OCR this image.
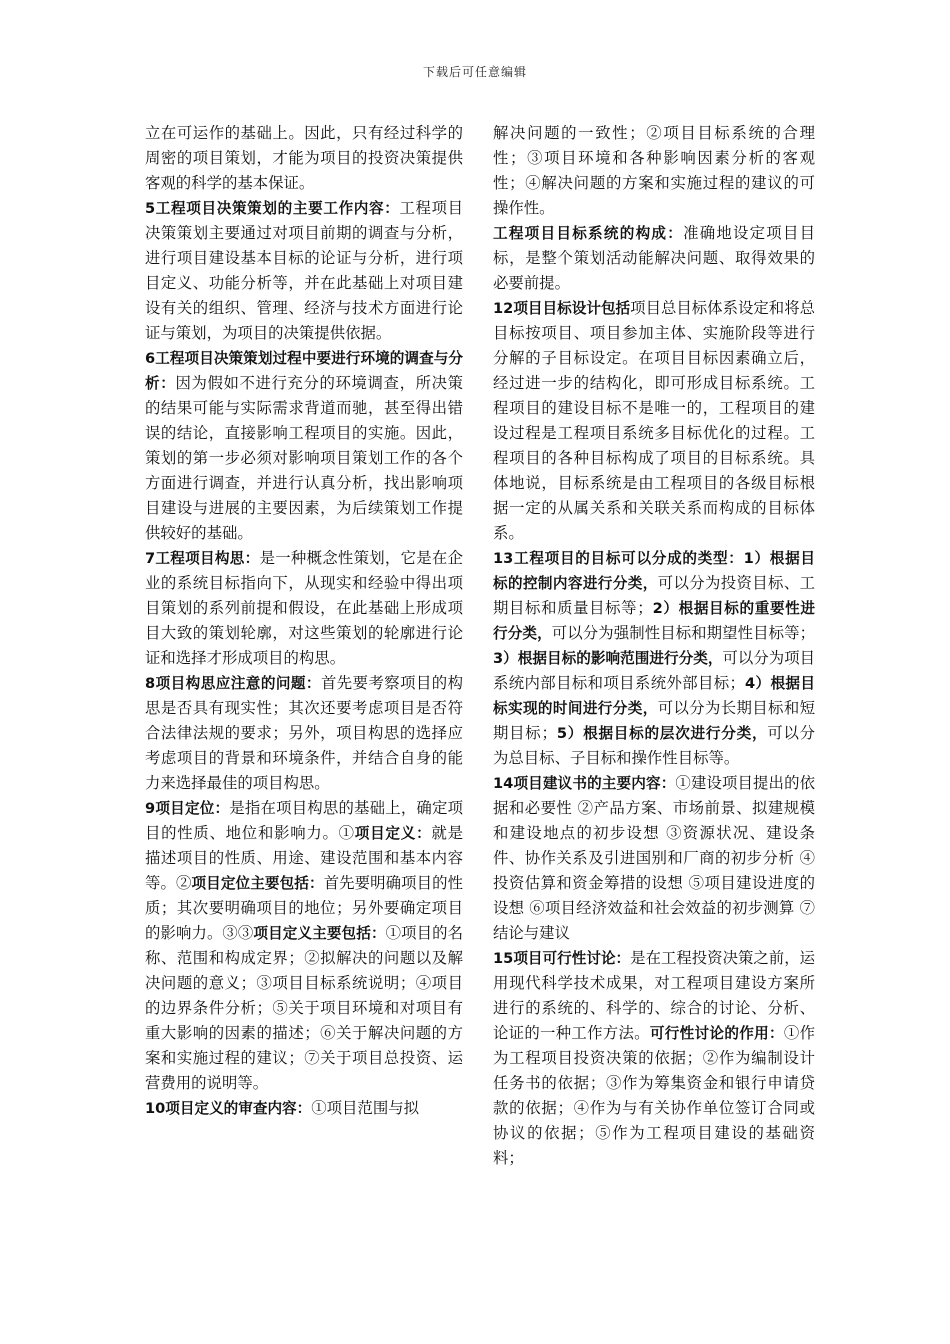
下载后可任意编辑

立在可运作的基础上。因此，只有经过科学的周密的项目策划，才能为项目的投资决策提供客观的科学的基本保证。

5工程项目决策策划的主要工作内容：工程项目决策策划主要通过对项目前期的调查与分析，进行项目建设基本目标的论证与分析，进行项目定义、功能分析等，并在此基础上对项目建设有关的组织、管理、经济与技术方面进行论证与策划，为项目的决策提供依据。

6工程项目决策策划过程中要进行环境的调查与分析：因为假如不进行充分的环境调查，所决策的结果可能与实际需求背道而驰，甚至得出错误的结论，直接影响工程项目的实施。因此，策划的第一步必须对影响项目策划工作的各个方面进行调查，并进行认真分析，找出影响项目建设与进展的主要因素，为后续策划工作提供较好的基础。

7工程项目构思：是一种概念性策划，它是在企业的系统目标指向下，从现实和经验中得出项目策划的系列前提和假设，在此基础上形成项目大致的策划轮廓，对这些策划的轮廓进行论证和选择才形成项目的构思。

8项目构思应注意的问题：首先要考察项目的构思是否具有现实性；其次还要考虑项目是否符合法律法规的要求；另外，项目构思的选择应考虑项目的背景和环境条件，并结合自身的能力来选择最佳的项目构思。

9项目定位：是指在项目构思的基础上，确定项目的性质、地位和影响力。①项目定义：就是描述项目的性质、用途、建设范围和基本内容等。②项目定位主要包括：首先要明确项目的性质；其次要明确项目的地位；另外要确定项目的影响力。③③项目定义主要包括：①项目的名称、范围和构成定界；②拟解决的问题以及解决问题的意义；③项目目标系统说明；④项目的边界条件分析；⑤关于项目环境和对项目有重大影响的因素的描述；⑥关于解决问题的方案和实施过程的建议；⑦关于项目总投资、运营费用的说明等。

10项目定义的审查内容：①项目范围与拟

解决问题的一致性；②项目目标系统的合理性；③项目环境和各种影响因素分析的客观性；④解决问题的方案和实施过程的建议的可操作性。

工程项目目标系统的构成：准确地设定项目目标，是整个策划活动能解决问题、取得效果的必要前提。

12项目目标设计包括项目总目标体系设定和将总目标按项目、项目参加主体、实施阶段等进行分解的子目标设定。在项目目标因素确立后，经过进一步的结构化，即可形成目标系统。工程项目的建设目标不是唯一的，工程项目的建设过程是工程项目系统多目标优化的过程。工程项目的各种目标构成了项目的目标系统。具体地说，目标系统是由工程项目的各级目标根据一定的从属关系和关联关系而构成的目标体系。

13工程项目的目标可以分成的类型：1）根据目标的控制内容进行分类，可以分为投资目标、工期目标和质量目标等；2）根据目标的重要性进行分类，可以分为强制性目标和期望性目标等；3）根据目标的影响范围进行分类，可以分为项目系统内部目标和项目系统外部目标；4）根据目标实现的时间进行分类，可以分为长期目标和短期目标；5）根据目标的层次进行分类，可以分为总目标、子目标和操作性目标等。

14项目建议书的主要内容：①建设项目提出的依据和必要性 ②产品方案、市场前景、拟建规模和建设地点的初步设想 ③资源状况、建设条件、协作关系及引进国别和厂商的初步分析 ④投资估算和资金筹措的设想 ⑤项目建设进度的设想 ⑥项目经济效益和社会效益的初步测算 ⑦结论与建议

15项目可行性讨论：是在工程投资决策之前，运用现代科学技术成果，对工程项目建设方案所进行的系统的、科学的、综合的讨论、分析、论证的一种工作方法。可行性讨论的作用：①作为工程项目投资决策的依据；②作为编制设计任务书的依据；③作为筹集资金和银行申请贷款的依据；④作为与有关协作单位签订合同或协议的依据；⑤作为工程项目建设的基础资料；
